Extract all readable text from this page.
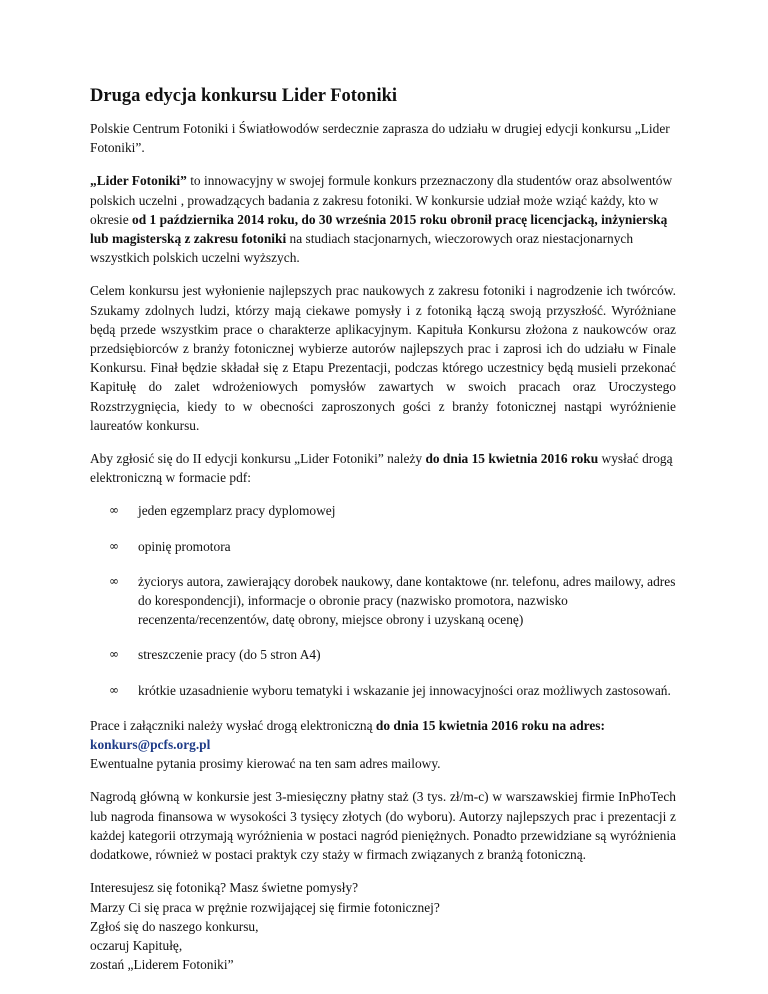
Druga edycja konkursu Lider Fotoniki

Polskie Centrum Fotoniki i Światłowodów serdecznie zaprasza do udziału w drugiej edycji konkursu „Lider Fotoniki”.

„Lider Fotoniki” to innowacyjny w swojej formule konkurs przeznaczony dla studentów oraz absolwentów polskich uczelni , prowadzących badania z zakresu fotoniki. W konkursie udział może wziąć każdy, kto w okresie od 1 października 2014 roku, do 30 września 2015 roku obronił pracę licencjacką, inżynierską lub magisterską z zakresu fotoniki na studiach stacjonarnych, wieczorowych oraz niestacjonarnych wszystkich polskich uczelni wyższych.

Celem konkursu jest wyłonienie najlepszych prac naukowych z zakresu fotoniki i nagrodzenie ich twórców. Szukamy zdolnych ludzi, którzy mają ciekawe pomysły i z fotoniką łączą swoją przyszłość. Wyróżniane będą przede wszystkim prace o charakterze aplikacyjnym. Kapituła Konkursu złożona z naukowców oraz przedsiębiorców z branży fotonicznej wybierze autorów najlepszych prac i zaprosi ich do udziału w Finale Konkursu. Finał będzie składał się z Etapu Prezentacji, podczas którego uczestnicy będą musieli przekonać Kapitułę do zalet wdrożeniowych pomysłów zawartych w swoich pracach oraz Uroczystego Rozstrzygnięcia, kiedy to w obecności zaproszonych gości z branży fotonicznej nastąpi wyróżnienie laureatów konkursu.

Aby zgłosić się do II edycji konkursu „Lider Fotoniki” należy do dnia 15 kwietnia 2016 roku wysłać drogą elektroniczną w formacie pdf:

∞ jeden egzemplarz pracy dyplomowej
∞ opinię promotora
∞ życiorys autora, zawierający dorobek naukowy, dane kontaktowe (nr. telefonu, adres mailowy, adres do korespondencji), informacje o obronie pracy (nazwisko promotora, nazwisko recenzenta/recenzentów, datę obrony, miejsce obrony i uzyskaną ocenę)
∞ streszczenie pracy (do 5 stron A4)
∞ krótkie uzasadnienie wyboru tematyki i wskazanie jej innowacyjności oraz możliwych zastosowań.

Prace i załączniki należy wysłać drogą elektroniczną do dnia 15 kwietnia 2016 roku na adres:
konkurs@pcfs.org.pl
Ewentualne pytania prosimy kierować na ten sam adres mailowy.

Nagrodą główną w konkursie jest 3-miesięczny płatny staż (3 tys. zł/m-c) w warszawskiej firmie InPhoTech lub nagroda finansowa w wysokości 3 tysięcy złotych (do wyboru). Autorzy najlepszych prac i prezentacji z każdej kategorii otrzymają wyróżnienia w postaci nagród pieniężnych. Ponadto przewidziane są wyróżnienia dodatkowe, również w postaci praktyk czy staży w firmach związanych z branżą fotoniczną.

Interesujesz się fotoniką? Masz świetne pomysły?
Marzy Ci się praca w prężnie rozwijającej się firmie fotonicznej?
Zgłoś się do naszego konkursu,
oczaruj Kapitułę,
zostań „Liderem Fotoniki”
